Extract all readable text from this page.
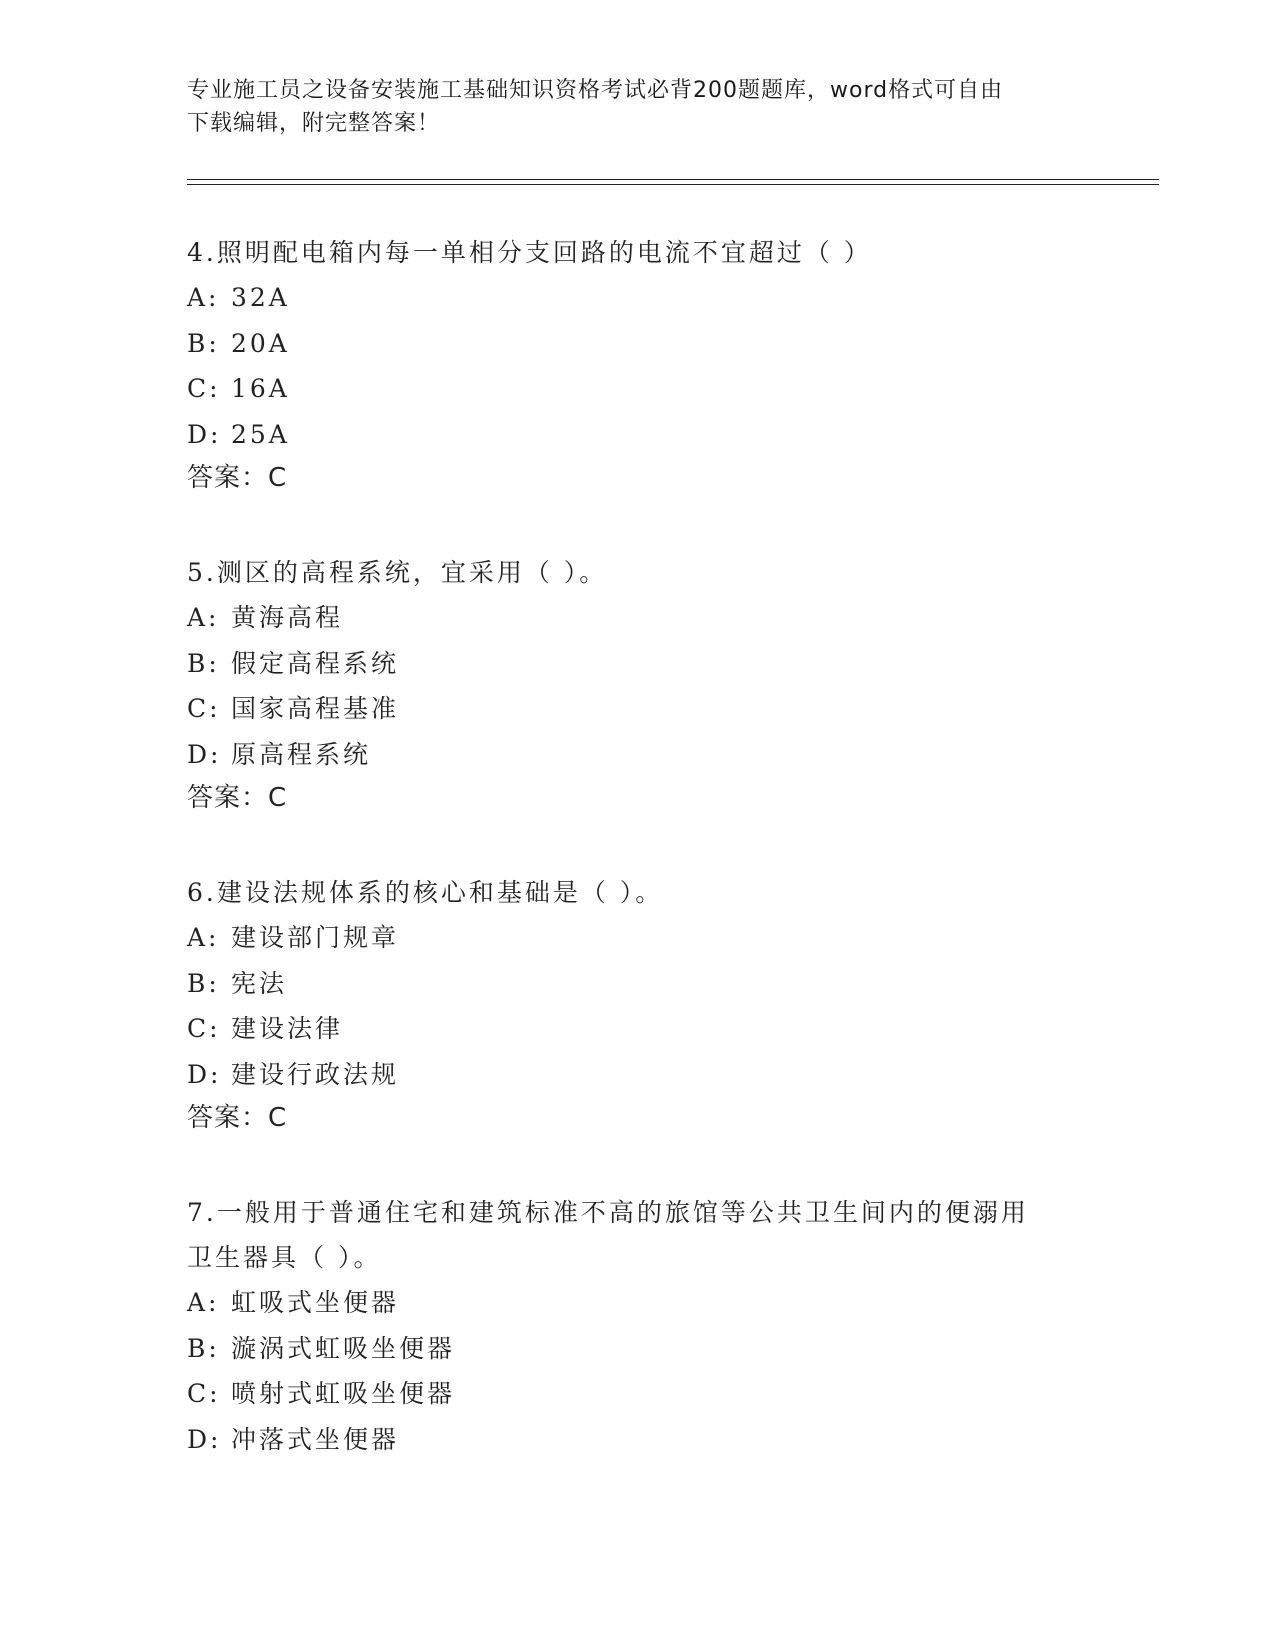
专业施工员之设备安装施工基础知识资格考试必背200题题库，word格式可自由
下载编辑，附完整答案！

4.照明配电箱内每一单相分支回路的电流不宜超过（ ）

A: 32A

B: 20A

C: 16A

D: 25A

答案：C

5.测区的高程系统，宜采用（ ）。

A: 黄海高程

B: 假定高程系统

C: 国家高程基准

D: 原高程系统

答案：C

6.建设法规体系的核心和基础是（ ）。

A: 建设部门规章

B: 宪法

C: 建设法律

D: 建设行政法规

答案：C

7.一般用于普通住宅和建筑标准不高的旅馆等公共卫生间内的便溺用

卫生器具（ ）。

A: 虹吸式坐便器

B: 漩涡式虹吸坐便器

C: 喷射式虹吸坐便器

D: 冲落式坐便器
